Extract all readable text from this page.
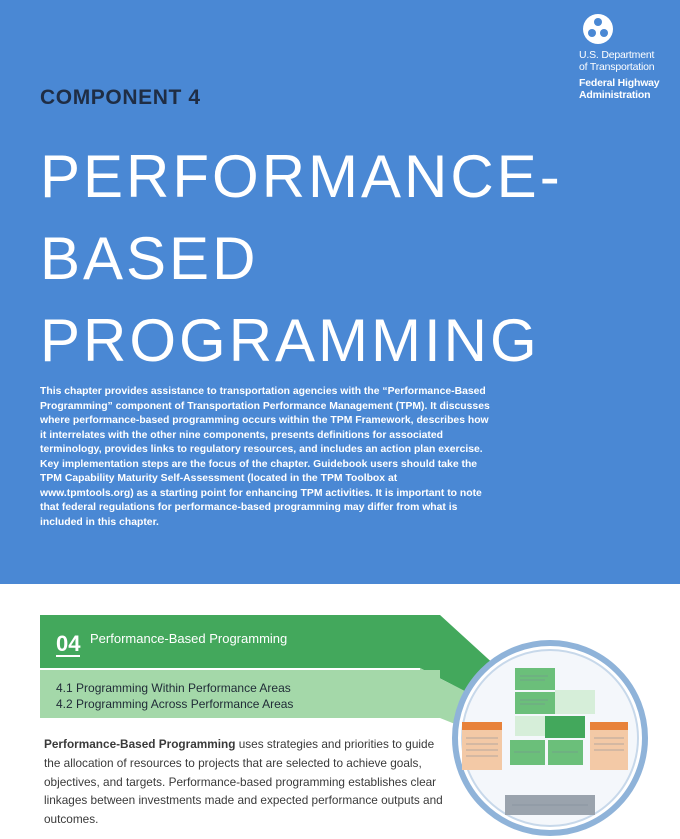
U.S. Department
of Transportation
Federal Highway
Administration
COMPONENT 4
PERFORMANCE-
BASED
PROGRAMMING
This chapter provides assistance to transportation agencies with the “Performance-Based Programming” component of Transportation Performance Management (TPM). It discusses where performance-based programming occurs within the TPM Framework, describes how it interrelates with the other nine components, presents definitions for associated terminology, provides links to regulatory resources, and includes an action plan exercise. Key implementation steps are the focus of the chapter. Guidebook users should take the TPM Capability Maturity Self-Assessment (located in the TPM Toolbox at www.tpmtools.org) as a starting point for enhancing TPM activities. It is important to note that federal regulations for performance-based programming may differ from what is included in this chapter.
04 Performance-Based Programming
4.1 Programming Within Performance Areas
4.2 Programming Across Performance Areas
Performance-Based Programming uses strategies and priorities to guide the allocation of resources to projects that are selected to achieve goals, objectives, and targets. Performance-based programming establishes clear linkages between investments made and expected performance outputs and outcomes.
